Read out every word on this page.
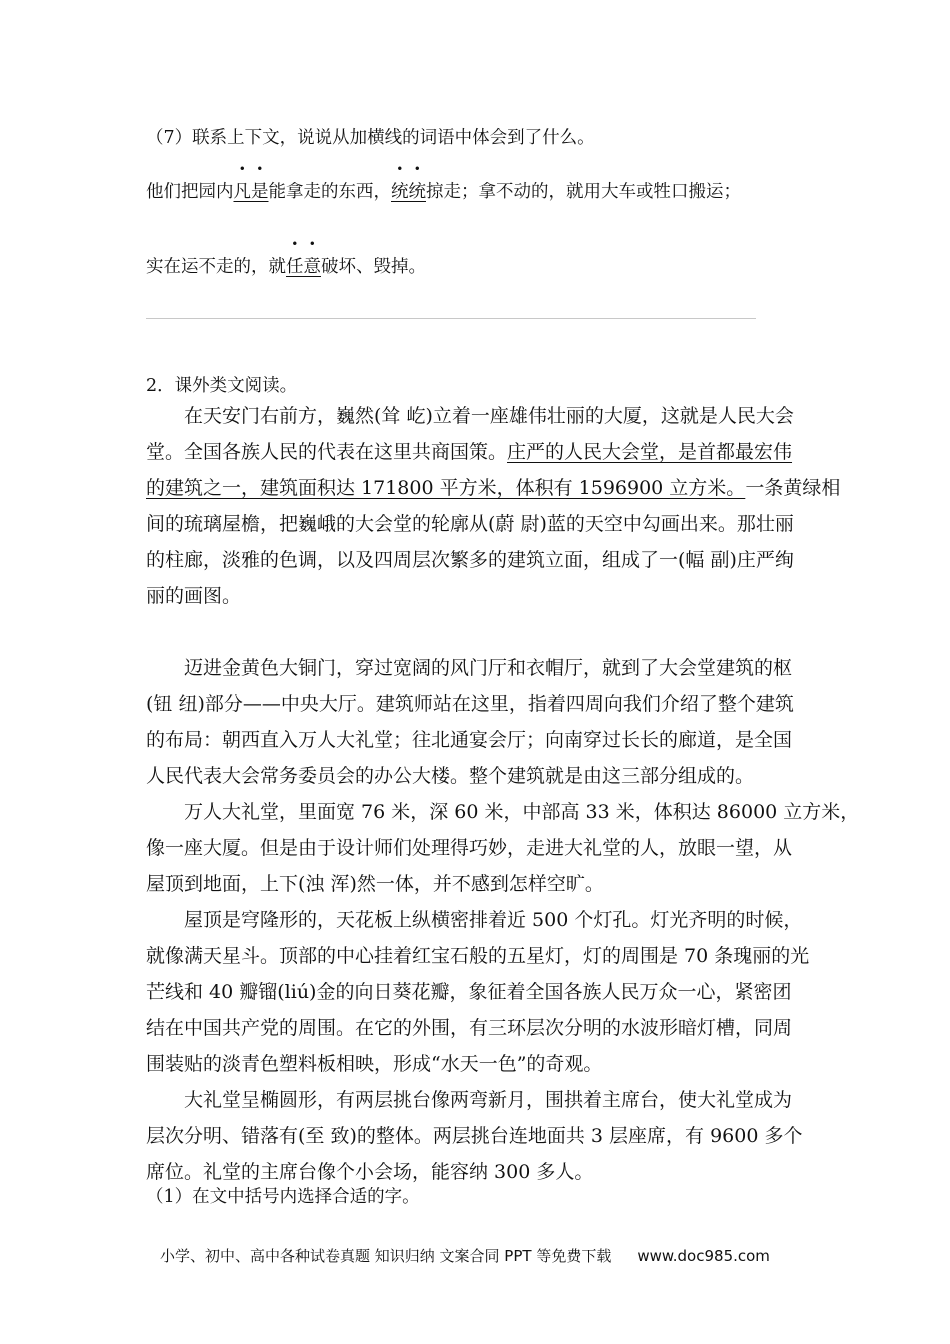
（7）联系上下文，说说从加横线的词语中体会到了什么。
他们把园内
• •
凡是能拿走的东西，
• •
统统掠走；拿不动的，就用大车或牲口搬运；
实在运不走的，就
• •
任意破坏、毁掉。
2．课外类文阅读。
在天安门右前方，巍然(耸 屹)立着一座雄伟壮丽的大厦，这就是人民大会
堂。全国各族人民的代表在这里共商国策。庄严的人民大会堂，是首都最宏伟
的建筑之一，建筑面积达 171800 平方米，体积有 1596900 立方米。一条黄绿相
间的琉璃屋檐，把巍峨的大会堂的轮廓从(蔚 尉)蓝的天空中勾画出来。那壮丽
的柱廊，淡雅的色调，以及四周层次繁多的建筑立面，组成了一(幅 副)庄严绚
丽的画图。
迈进金黄色大铜门，穿过宽阔的风门厅和衣帽厅，就到了大会堂建筑的枢
(钮 纽)部分——中央大厅。建筑师站在这里，指着四周向我们介绍了整个建筑
的布局：朝西直入万人大礼堂；往北通宴会厅；向南穿过长长的廊道，是全国
人民代表大会常务委员会的办公大楼。整个建筑就是由这三部分组成的。
万人大礼堂，里面宽 76 米，深 60 米，中部高 33 米，体积达 86000 立方米，
像一座大厦。但是由于设计师们处理得巧妙，走进大礼堂的人，放眼一望，从
屋顶到地面，上下(浊 浑)然一体，并不感到怎样空旷。
屋顶是穹隆形的，天花板上纵横密排着近 500 个灯孔。灯光齐明的时候，
就像满天星斗。顶部的中心挂着红宝石般的五星灯，灯的周围是 70 条瑰丽的光
芒线和 40 瓣镏(liú)金的向日葵花瓣，象征着全国各族人民万众一心，紧密团
结在中国共产党的周围。在它的外围，有三环层次分明的水波形暗灯槽，同周
围装贴的淡青色塑料板相映，形成“水天一色”的奇观。
大礼堂呈椭圆形，有两层挑台像两弯新月，围拱着主席台，使大礼堂成为
层次分明、错落有(至 致)的整体。两层挑台连地面共 3 层座席，有 9600 多个
席位。礼堂的主席台像个小会场，能容纳 300 多人。
（1）在文中括号内选择合适的字。
小学、初中、高中各种试卷真题 知识归纳 文案合同 PPT 等免费下载 www.doc985.com
